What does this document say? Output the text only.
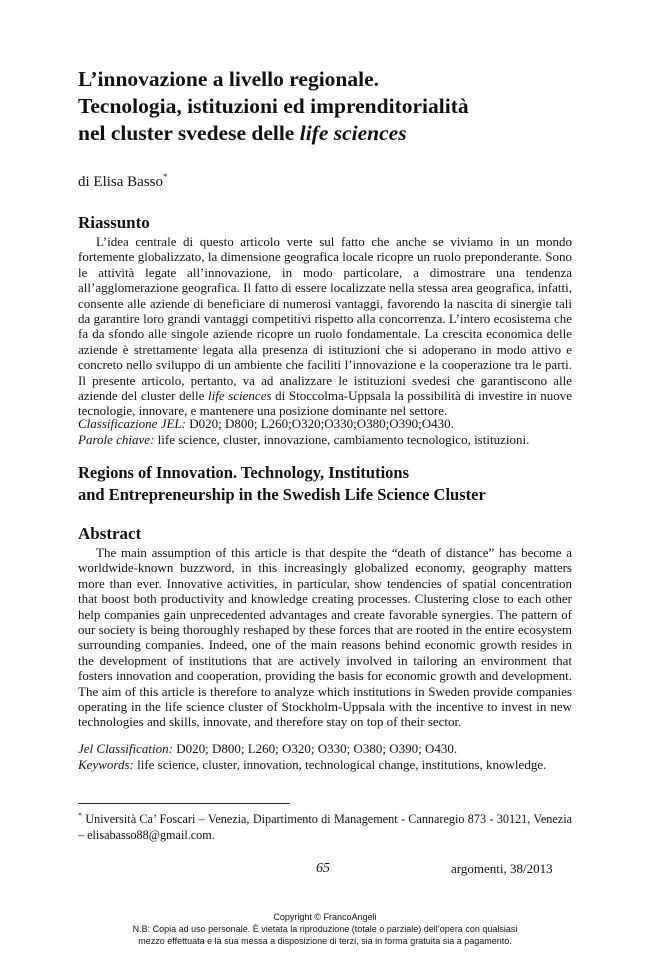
L’innovazione a livello regionale.
Tecnologia, istituzioni ed imprenditorialità
nel cluster svedese delle life sciences
di Elisa Basso*
Riassunto

L’idea centrale di questo articolo verte sul fatto che anche se viviamo in un mondo fortemente globalizzato, la dimensione geografica locale ricopre un ruolo preponderante. Sono le attività legate all’innovazione, in modo particolare, a dimostrare una tendenza all’agglomerazione geografica. Il fatto di essere localizzate nella stessa area geografica, infatti, consente alle aziende di beneficiare di numerosi vantaggi, favorendo la nascita di sinergie tali da garantire loro grandi vantaggi competitivi rispetto alla concorrenza. L’intero ecosistema che fa da sfondo alle singole aziende ricopre un ruolo fondamentale. La crescita economica delle aziende è strettamente legata alla presenza di istituzioni che si adoperano in modo attivo e concreto nello sviluppo di un ambiente che faciliti l’innovazione e la cooperazione tra le parti. Il presente articolo, pertanto, va ad analizzare le istituzioni svedesi che garantiscono alle aziende del cluster delle life sciences di Stoccolma-Uppsala la possibilità di investire in nuove tecnologie, innovare, e mantenere una posizione dominante nel settore.

Classificazione JEL: D020; D800; L260;O320;O330;O380;O390;O430.

Parole chiave: life science, cluster, innovazione, cambiamento tecnologico, istituzioni.

Regions of Innovation. Technology, Institutions
and Entrepreneurship in the Swedish Life Science Cluster
Abstract

The main assumption of this article is that despite the “death of distance” has become a worldwide-known buzzword, in this increasingly globalized economy, geography matters more than ever. Innovative activities, in particular, show tendencies of spatial concentration that boost both productivity and knowledge creating processes. Clustering close to each other help companies gain unprecedented advantages and create favorable synergies. The pattern of our society is being thoroughly reshaped by these forces that are rooted in the entire ecosystem surrounding companies. Indeed, one of the main reasons behind economic growth resides in the development of institutions that are actively involved in tailoring an environment that fosters innovation and cooperation, providing the basis for economic growth and development. The aim of this article is therefore to analyze which institutions in Sweden provide companies operating in the life science cluster of Stockholm-Uppsala with the incentive to invest in new technologies and skills, innovate, and therefore stay on top of their sector.

Jel Classification: D020; D800; L260; O320; O330; O380; O390; O430.

Keywords: life science, cluster, innovation, technological change, institutions, knowledge.

* Università Ca’ Foscari – Venezia, Dipartimento di Management - Cannaregio 873 - 30121, Venezia – elisabasso88@gmail.com.
65	argomenti, 38/2013
Copyright © FrancoAngeli
N.B: Copia ad uso personale. È vietata la riproduzione (totale o parziale) dell’opera con qualsiasi
mezzo effettuata e la sua messa a disposizione di terzi, sia in forma gratuita sia a pagamento.
